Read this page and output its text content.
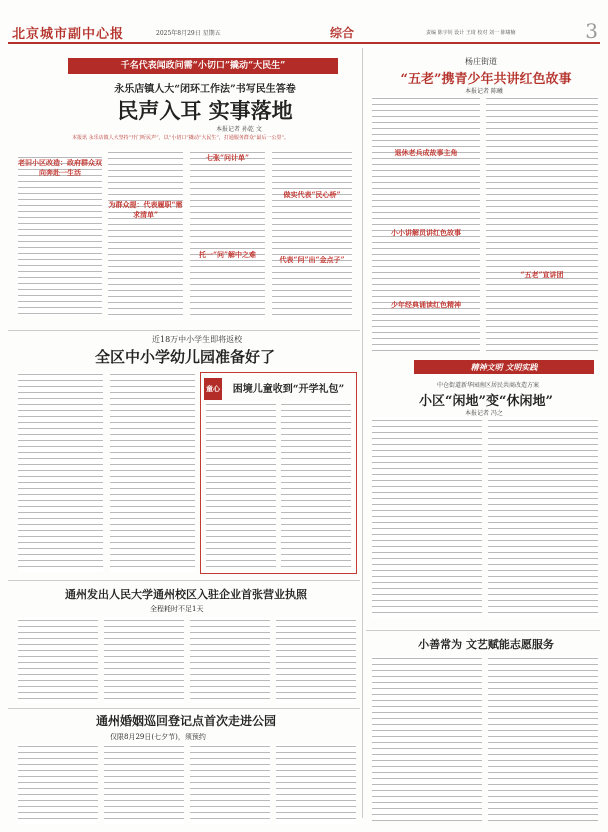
北京城市副中心报	2025年8月29日 星期五	综合	责编 陈宇钊 设计 王琦 校对 刘一 陈啸楠	3
千名代表闻政问需“小切口”撬动“大民生”
永乐店镇人大“闭环工作法”书写民生答卷
民声入耳 实事落地
本报记者 孙乾 文
本报讯 永乐店镇人大坚持“开门听民声”，以“小切口”撬动“大民生”，打通服务群众“最后一公里”。
老旧小区改造：政府群众双向奔赴一生活
为群众提：代表履职“需求清单”
七张“问计单”
托一“问”解中之难
做实代表“民心桥”
代表“问”出“金点子”
杨庄街道
“五老”携青少年共讲红色故事
本报记者 陈曦
退休老兵成故事主角
小小讲解员讲红色故事
少年经典诵读红色精神
“五老”宣讲团
近18万中小学生即将返校
全区中小学幼儿园准备好了
童心	困境儿童收到“开学礼包”
精神文明 文明实践
中仓街道新华园南区居民共商改造方案
小区“闲地”变“休闲地”
本报记者 冯之
通州发出人民大学通州校区入驻企业首张营业执照
全程耗时不足1天
小善常为 文艺赋能志愿服务
通州婚姻巡回登记点首次走进公园
仅限8月29日(七夕节)，须预约
